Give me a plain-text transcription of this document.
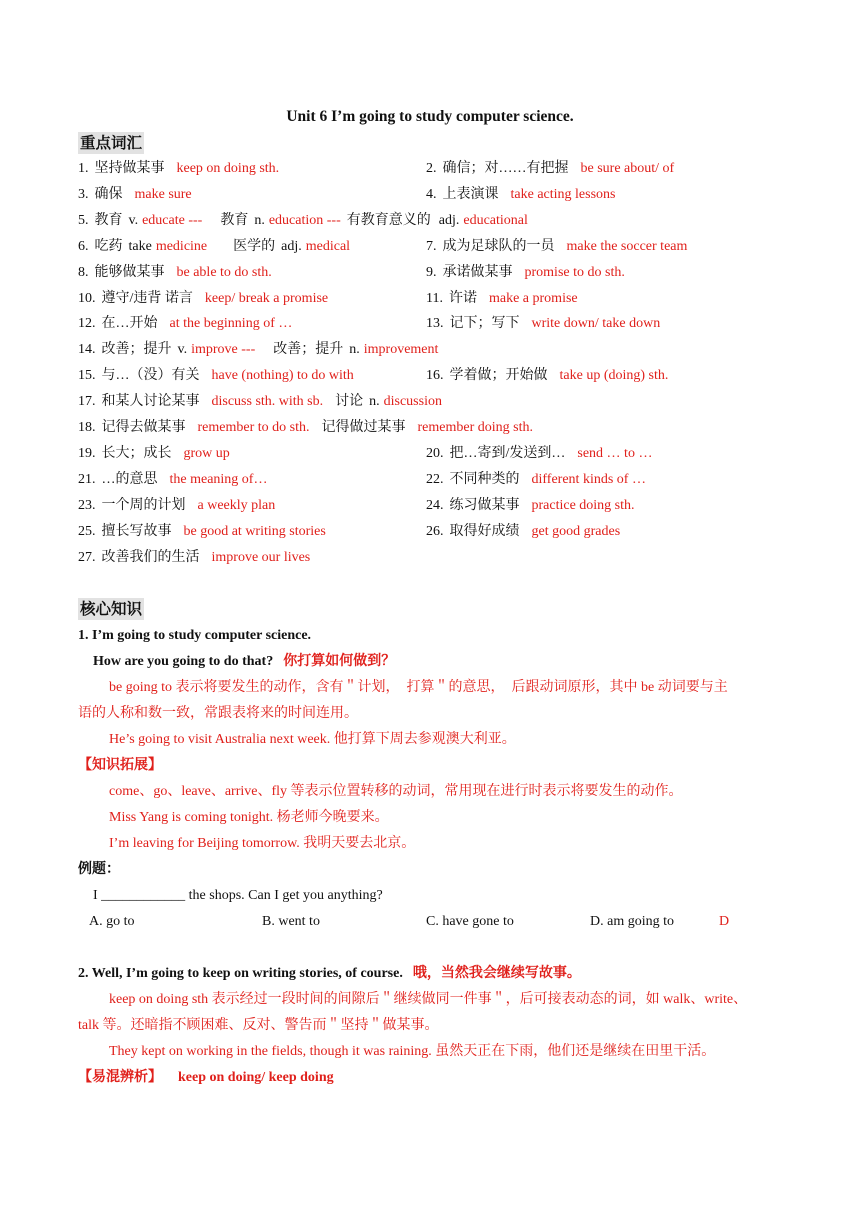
Unit 6 I’m going to study computer science.
重点词汇
1. 坚持做某事 keep on doing sth.	2. 确信；对……有把握 be sure about/ of
3. 确保 make sure	4. 上表演课 take acting lessons
5. 教育 v. educate --- 教育 n. education --- 有教育意义的 adj. educational
6. 吃药 take medicine 医学的 adj. medical	7. 成为足球队的一员 make the soccer team
8. 能够做某事 be able to do sth.	9. 承诺做某事 promise to do sth.
10. 遵守/违背 诺言 keep/ break a promise	11. 许诺 make a promise
12. 在…开始 at the beginning of …	13. 记下；写下 write down/ take down
14. 改善；提升 v. improve --- 改善；提升 n. improvement
15. 与…（没）有关 have (nothing) to do with	16. 学着做；开始做 take up (doing) sth.
17. 和某人讨论某事 discuss sth. with sb. 讨论 n. discussion
18. 记得去做某事 remember to do sth. 记得做过某事 remember doing sth.
19. 长大；成长 grow up	20. 把…寄到/发送到… send … to …
21. …的意思 the meaning of…	22. 不同种类的 different kinds of …
23. 一个周的计划 a weekly plan	24. 练习做某事 practice doing sth.
25. 擅长写故事 be good at writing stories	26. 取得好成绩 get good grades
27. 改善我们的生活 improve our lives
核心知识
1. I’m going to study computer science.
How are you going to do that? 你打算如何做到？
be going to 表示将要发生的动作，含有＂计划，　打算＂的意思，　后跟动词原形，其中 be 动词要与主
语的人称和数一致，常跟表将来的时间连用。
He’s going to visit Australia next week. 他打算下周去参观澳大利亚。
【知识拓展】
come、go、leave、arrive、fly 等表示位置转移的动词，常用现在进行时表示将要发生的动作。
Miss Yang is coming tonight. 杨老师今晚要来。
I’m leaving for Beijing tomorrow. 我明天要去北京。
例题：
I ____________ the shops. Can I get you anything?
A. go to	B. went to	C. have gone to	D. am going to	D
2. Well, I’m going to keep on writing stories, of course. 哦，当然我会继续写故事。
keep on doing sth 表示经过一段时间的间隙后＂继续做同一件事＂，后可接表动态的词，如 walk、write、
talk 等。还暗指不顾困难、反对、警告而＂坚持＂做某事。
They kept on working in the fields, though it was raining. 虽然天正在下雨，他们还是继续在田里干活。
【易混辨析】 keep on doing/ keep doing
